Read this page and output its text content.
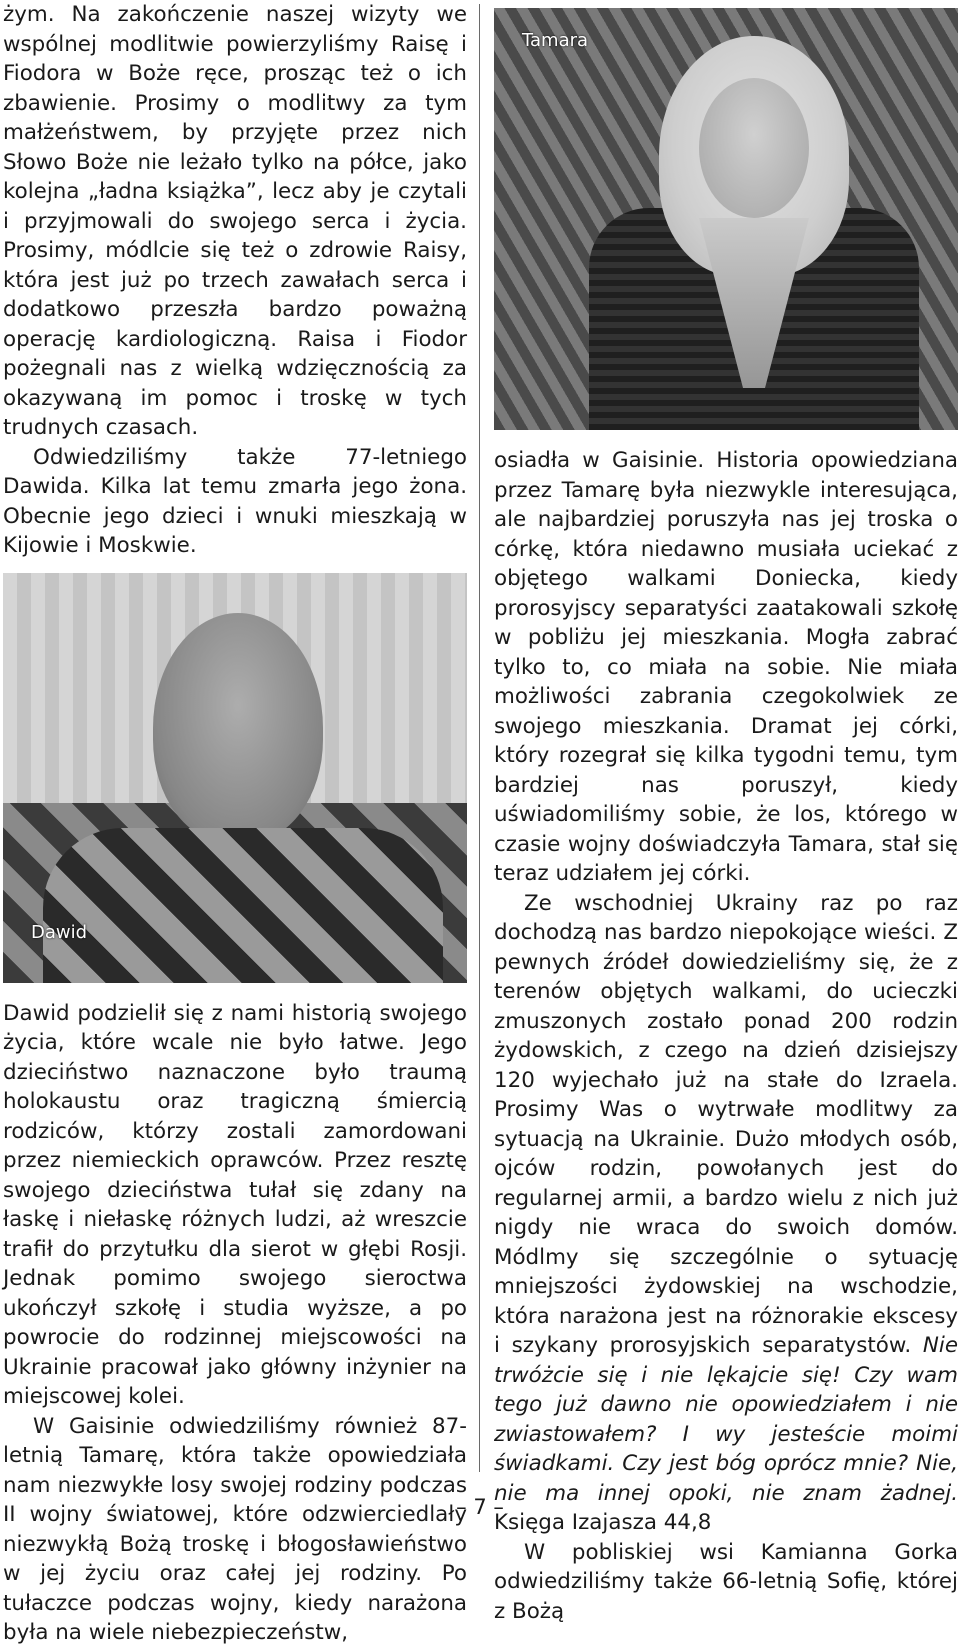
żym. Na zakończenie naszej wizyty we wspólnej modlitwie powierzyliśmy Raisę i Fiodora w Boże ręce, prosząc też o ich zbawienie. Prosimy o modlitwy za tym małżeństwem, by przyjęte przez nich Słowo Boże nie leżało tylko na półce, jako kolejna „ładna książka”, lecz aby je czytali i przyjmowali do swojego serca i życia. Prosimy, módlcie się też o zdrowie Raisy, która jest już po trzech zawałach serca i dodatkowo przeszła bardzo poważną operację kardiologiczną. Raisa i Fiodor pożegnali nas z wielką wdzięcznością za okazywaną im pomoc i troskę w tych trudnych czasach.

Odwiedziliśmy także 77-letniego Dawida. Kilka lat temu zmarła jego żona. Obecnie jego dzieci i wnuki mieszkają w Kijowie i Moskwie.

Dawid

Dawid podzielił się z nami historią swojego życia, które wcale nie było łatwe. Jego dzieciństwo naznaczone było traumą holokaustu oraz tragiczną śmiercią rodziców, którzy zostali zamordowani przez niemieckich oprawców. Przez resztę swojego dzieciństwa tułał się zdany na łaskę i niełaskę różnych ludzi, aż wreszcie trafił do przytułku dla sierot w głębi Rosji. Jednak pomimo swojego sieroctwa ukończył szkołę i studia wyższe, a po powrocie do rodzinnej miejscowości na Ukrainie pracował jako główny inżynier na miejscowej kolei.

W Gaisinie odwiedziliśmy również 87-letnią Tamarę, która także opowiedziała nam niezwykłe losy swojej rodziny podczas II wojny światowej, które odzwierciedlały niezwykłą Bożą troskę i błogosławieństwo w jej życiu oraz całej jej rodziny. Po tułaczce podczas wojny, kiedy narażona była na wiele niebezpieczeństw,

Tamara

osiadła w Gaisinie. Historia opowiedziana przez Tamarę była niezwykle interesująca, ale najbardziej poruszyła nas jej troska o córkę, która niedawno musiała uciekać z objętego walkami Doniecka, kiedy prorosyjscy separatyści zaatakowali szkołę w pobliżu jej mieszkania. Mogła zabrać tylko to, co miała na sobie. Nie miała możliwości zabrania czegokolwiek ze swojego mieszkania. Dramat jej córki, który rozegrał się kilka tygodni temu, tym bardziej nas poruszył, kiedy uświadomiliśmy sobie, że los, którego w czasie wojny doświadczyła Tamara, stał się teraz udziałem jej córki.

Ze wschodniej Ukrainy raz po raz dochodzą nas bardzo niepokojące wieści. Z pewnych źródeł dowiedzieliśmy się, że z terenów objętych walkami, do ucieczki zmuszonych zostało ponad 200 rodzin żydowskich, z czego na dzień dzisiejszy 120 wyjechało już na stałe do Izraela. Prosimy Was o wytrwałe modlitwy za sytuacją na Ukrainie. Dużo młodych osób, ojców rodzin, powołanych jest do regularnej armii, a bardzo wielu z nich już nigdy nie wraca do swoich domów. Módlmy się szczególnie o sytuację mniejszości żydowskiej na wschodzie, która narażona jest na różnorakie ekscesy i szykany prorosyjskich separatystów. Nie trwóżcie się i nie lękajcie się! Czy wam tego już dawno nie opowiedziałem i nie zwiastowałem? I wy jesteście moimi świadkami. Czy jest bóg oprócz mnie? Nie, nie ma innej opoki, nie znam żadnej. Księga Izajasza 44,8

W pobliskiej wsi Kamianna Gorka odwiedziliśmy także 66-letnią Sofię, której z Bożą

– 7 –
